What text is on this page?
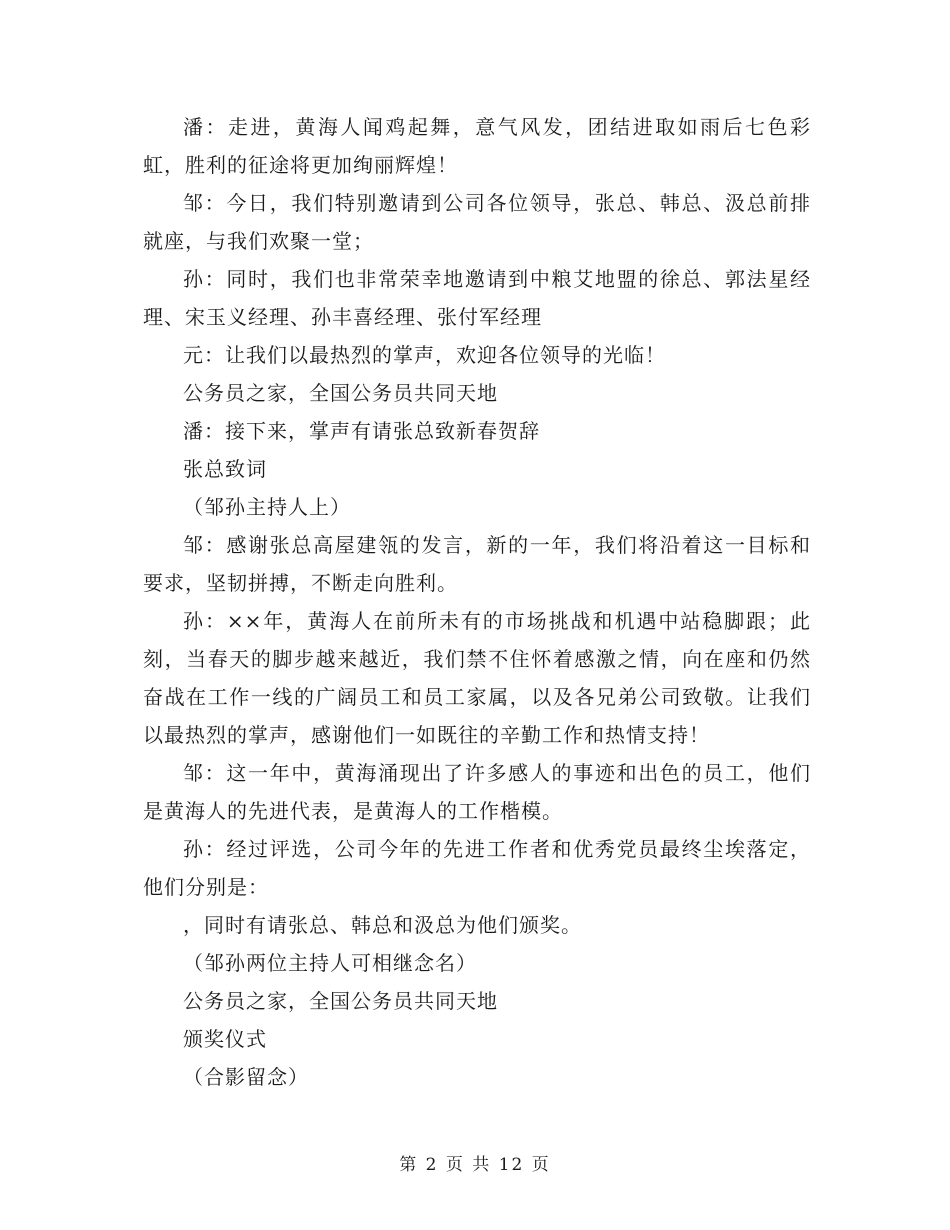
潘：走进，黄海人闻鸡起舞，意气风发，团结进取如雨后七色彩虹，胜利的征途将更加绚丽辉煌！

邹：今日，我们特别邀请到公司各位领导，张总、韩总、汲总前排就座，与我们欢聚一堂；

孙：同时，我们也非常荣幸地邀请到中粮艾地盟的徐总、郭法星经理、宋玉义经理、孙丰喜经理、张付军经理

元：让我们以最热烈的掌声，欢迎各位领导的光临！

公务员之家，全国公务员共同天地

潘：接下来，掌声有请张总致新春贺辞

张总致词

（邹孙主持人上）

邹：感谢张总高屋建瓴的发言，新的一年，我们将沿着这一目标和要求，坚韧拼搏，不断走向胜利。

孙：××年，黄海人在前所未有的市场挑战和机遇中站稳脚跟；此刻，当春天的脚步越来越近，我们禁不住怀着感激之情，向在座和仍然奋战在工作一线的广阔员工和员工家属，以及各兄弟公司致敬。让我们以最热烈的掌声，感谢他们一如既往的辛勤工作和热情支持！

邹：这一年中，黄海涌现出了许多感人的事迹和出色的员工，他们是黄海人的先进代表，是黄海人的工作楷模。

孙：经过评选，公司今年的先进工作者和优秀党员最终尘埃落定，他们分别是：

，同时有请张总、韩总和汲总为他们颁奖。

（邹孙两位主持人可相继念名）

公务员之家，全国公务员共同天地

颁奖仪式

（合影留念）

第 2 页 共 12 页
